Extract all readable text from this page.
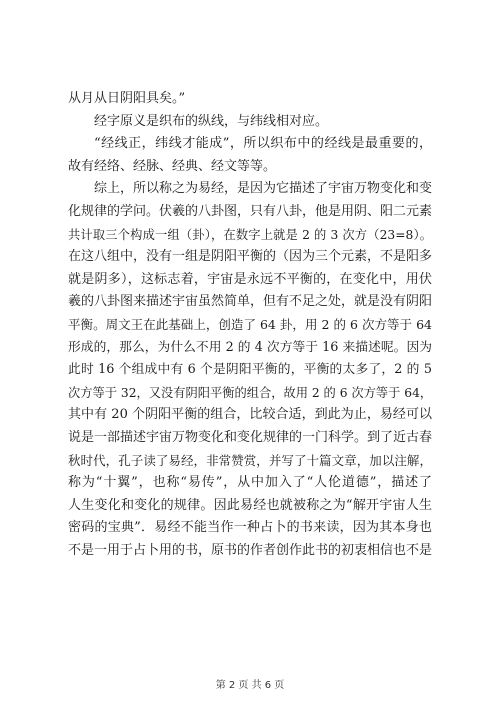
从月从日阴阳具矣。”
经字原义是织布的纵线，与纬线相对应。
“经线正，纬线才能成”，所以织布中的经线是最重要的，
故有经络、经脉、经典、经文等等。
综上，所以称之为易经，是因为它描述了宇宙万物变化和变
化规律的学问。伏羲的八卦图，只有八卦，他是用阴、阳二元素
共计取三个构成一组（卦），在数字上就是 2 的 3 次方（23=8）。
在这八组中，没有一组是阴阳平衡的（因为三个元素，不是阳多
就是阴多），这标志着，宇宙是永远不平衡的，在变化中，用伏
羲的八卦图来描述宇宙虽然简单，但有不足之处，就是没有阴阳
平衡。周文王在此基础上，创造了 64 卦，用 2 的 6 次方等于 64
形成的，那么，为什么不用 2 的 4 次方等于 16 来描述呢。因为
此时 16 个组成中有 6 个是阴阳平衡的，平衡的太多了，2 的 5
次方等于 32，又没有阴阳平衡的组合，故用 2 的 6 次方等于 64，
其中有 20 个阴阳平衡的组合，比较合适，到此为止，易经可以
说是一部描述宇宙万物变化和变化规律的一门科学。到了近古春
秋时代，孔子读了易经，非常赞赏，并写了十篇文章，加以注解，
称为“十翼”，也称“易传”，从中加入了“人伦道德”，描述了
人生变化和变化的规律。因此易经也就被称之为“解开宇宙人生
密码的宝典”．易经不能当作一种占卜的书来读，因为其本身也
不是一用于占卜用的书，原书的作者创作此书的初衷相信也不是
第 2 页 共 6 页
